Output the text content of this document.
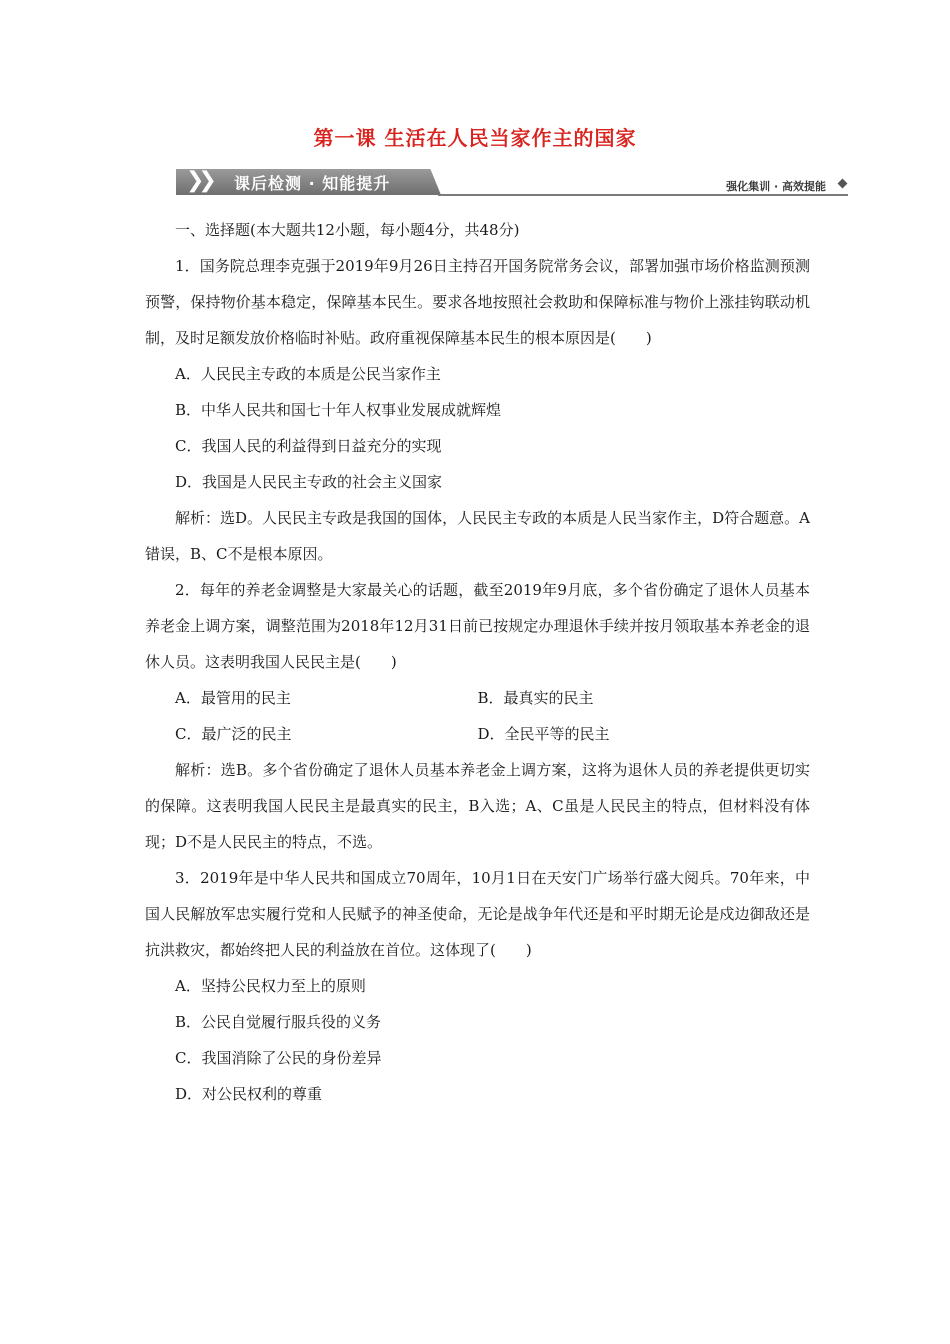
第一课 生活在人民当家作主的国家
❯❯ 课后检测 · 知能提升	强化集训 · 高效提能
一、选择题(本大题共12小题，每小题4分，共48分)
1．国务院总理李克强于2019年9月26日主持召开国务院常务会议，部署加强市场价格监测预测预警，保持物价基本稳定，保障基本民生。要求各地按照社会救助和保障标准与物价上涨挂钩联动机制，及时足额发放价格临时补贴。政府重视保障基本民生的根本原因是(　　)
A．人民民主专政的本质是公民当家作主
B．中华人民共和国七十年人权事业发展成就辉煌
C．我国人民的利益得到日益充分的实现
D．我国是人民民主专政的社会主义国家
解析：选D。人民民主专政是我国的国体，人民民主专政的本质是人民当家作主，D符合题意。A错误，B、C不是根本原因。
2．每年的养老金调整是大家最关心的话题，截至2019年9月底，多个省份确定了退休人员基本养老金上调方案，调整范围为2018年12月31日前已按规定办理退休手续并按月领取基本养老金的退休人员。这表明我国人民民主是(　　)
A．最管用的民主	B．最真实的民主
C．最广泛的民主	D．全民平等的民主
解析：选B。多个省份确定了退休人员基本养老金上调方案，这将为退休人员的养老提供更切实的保障。这表明我国人民民主是最真实的民主，B入选；A、C虽是人民民主的特点，但材料没有体现；D不是人民民主的特点，不选。
3．2019年是中华人民共和国成立70周年，10月1日在天安门广场举行盛大阅兵。70年来，中国人民解放军忠实履行党和人民赋予的神圣使命，无论是战争年代还是和平时期无论是戍边御敌还是抗洪救灾，都始终把人民的利益放在首位。这体现了(　　)
A．坚持公民权力至上的原则
B．公民自觉履行服兵役的义务
C．我国消除了公民的身份差异
D．对公民权利的尊重
